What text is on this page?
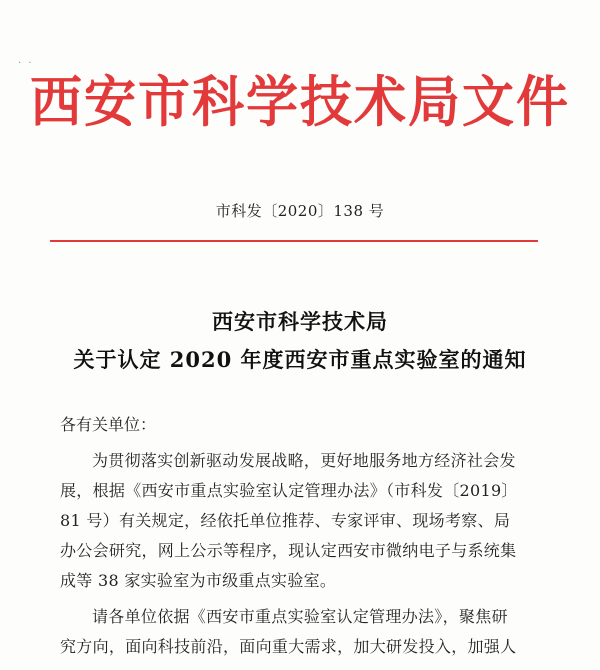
· ·
西安市科学技术局文件
市科发〔2020〕138 号
西安市科学技术局
关于认定 2020 年度西安市重点实验室的通知
各有关单位：
为贯彻落实创新驱动发展战略，更好地服务地方经济社会发
展，根据《西安市重点实验室认定管理办法》（市科发〔2019〕
81 号）有关规定，经依托单位推荐、专家评审、现场考察、局
办公会研究，网上公示等程序，现认定西安市微纳电子与系统集
成等 38 家实验室为市级重点实验室。
请各单位依据《西安市重点实验室认定管理办法》，聚焦研
究方向，面向科技前沿，面向重大需求，加大研发投入，加强人
